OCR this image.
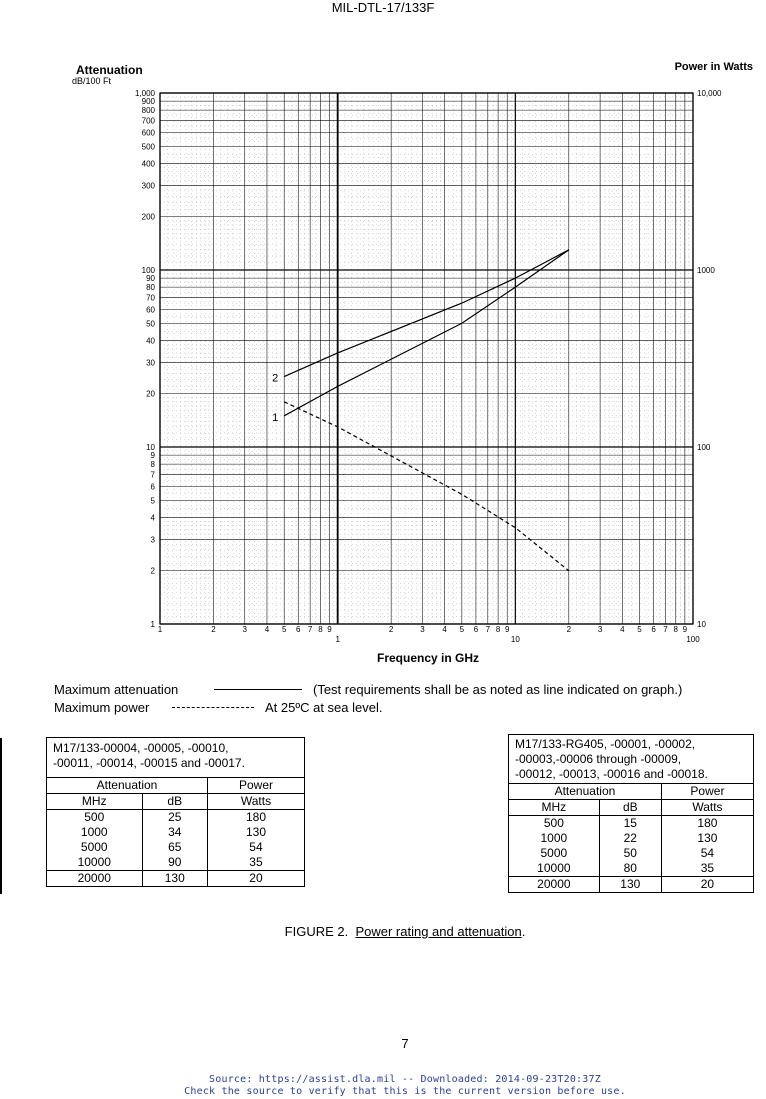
MIL-DTL-17/133F
1	2	3 4 5 6 7 8 9
1
2	3 4 5 6 7 8 9
10
2	3 4 5 6 7 8 9
100
1
2
3
4
5
6
7
8
9
10
20
30
40
50
60
70
80
90
100
200
300
400
500
600
700
800
900
1,000
10
100
1000
10,000
1
2
Attenuation
dB/100 Ft
Power in Watts
Frequency in GHz
Maximum attenuation	(Test requirements shall be as noted as line indicated on graph.)
Maximum power	At 25ºC at sea level.
M17/133-00004, -00005, -00010,
-00011, -00014, -00015 and -00017.		
Attenuation		Power
MHz	dB	Watts
500	25	180
1000	34	130
5000	65	54
10000	90	35
20000	130	20
M17/133-RG405, -00001, -00002,
-00003,-00006 through -00009,
-00012, -00013, -00016 and -00018.		
Attenuation		Power
MHz	dB	Watts
500	15	180
1000	22	130
5000	50	54
10000	80	35
20000	130	20
FIGURE 2.  Power rating and attenuation.
7
Source: https://assist.dla.mil -- Downloaded: 2014-09-23T20:37Z
Check the source to verify that this is the current version before use.
